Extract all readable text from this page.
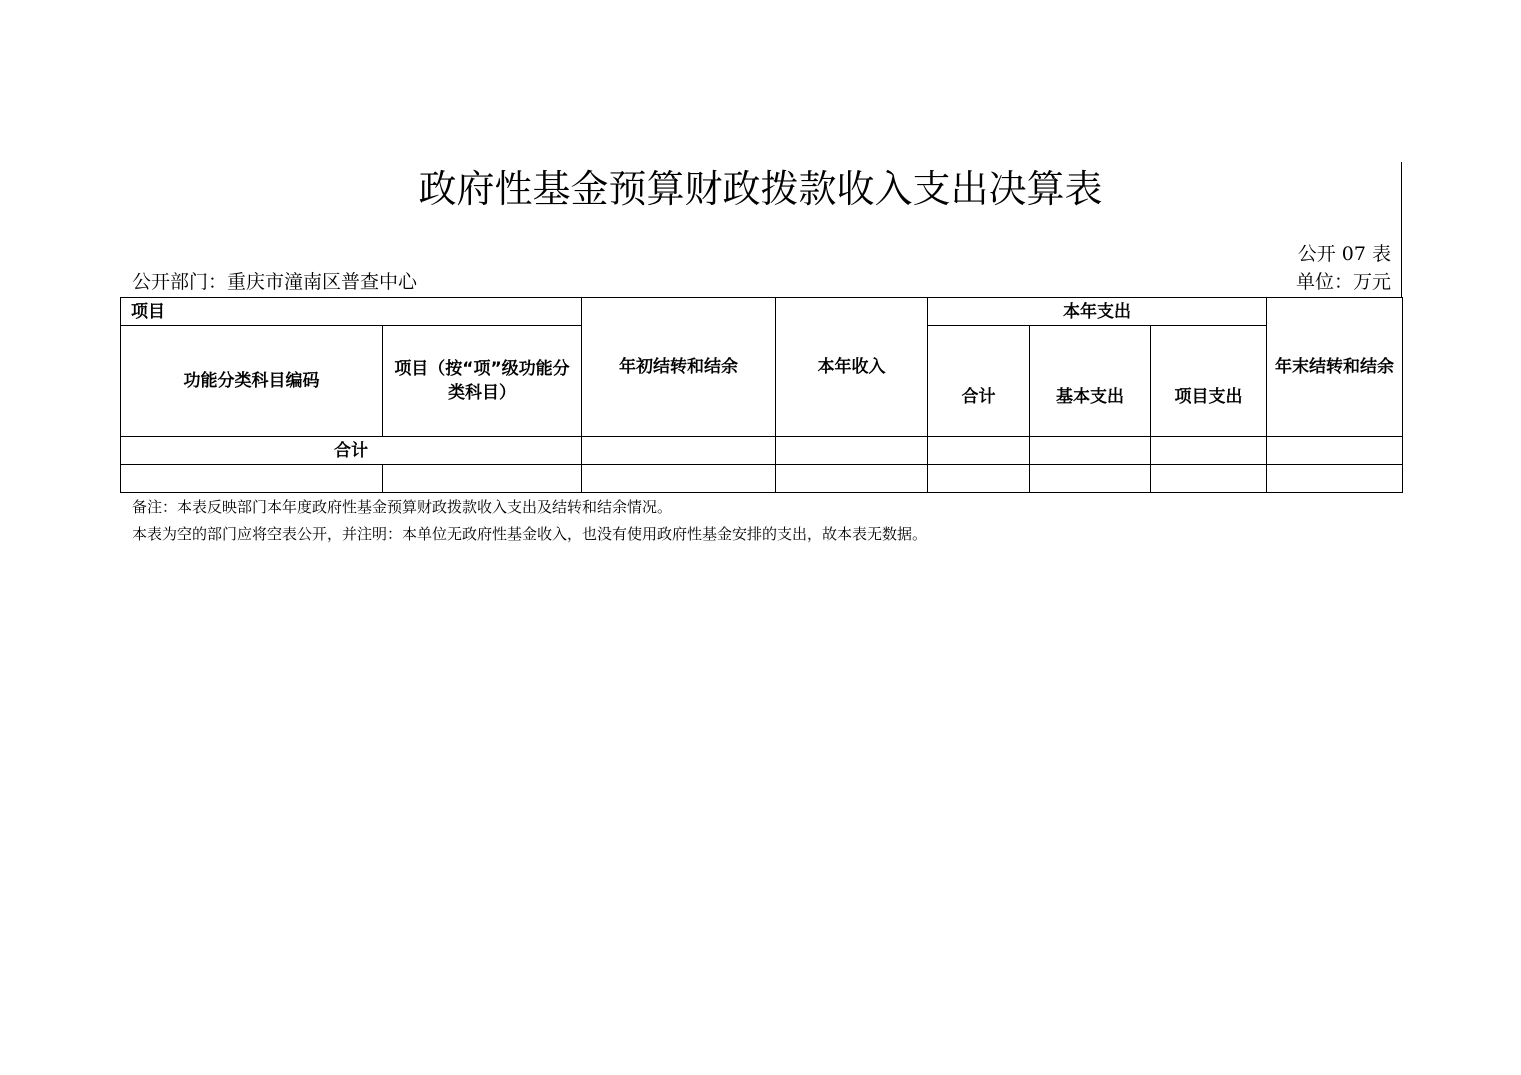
政府性基金预算财政拨款收入支出决算表
公开 07 表
公开部门：重庆市潼南区普查中心	单位：万元
项目		年初结转和结余	本年收入	本年支出			年末结转和结余
功能分类科目编码	项目（按“项”级功能分类科目）			合计	基本支出	项目支出	
合计							

备注：本表反映部门本年度政府性基金预算财政拨款收入支出及结转和结余情况。
本表为空的部门应将空表公开，并注明：本单位无政府性基金收入，也没有使用政府性基金安排的支出，故本表无数据。
